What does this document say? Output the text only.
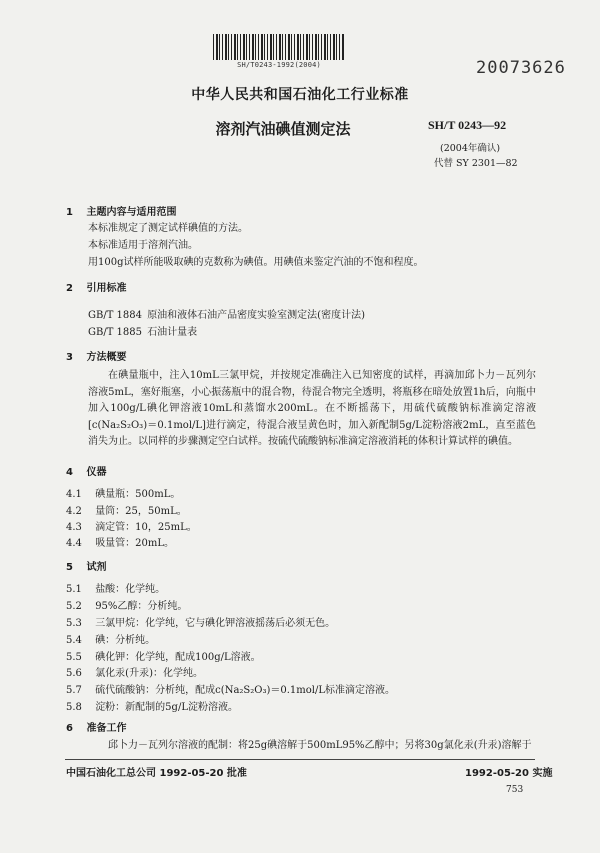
SH/T0243-1992(2004)	20073626
中华人民共和国石油化工行业标准
溶剂汽油碘值测定法	SH/T 0243—92
(2004年确认)
代替 SY 2301—82
1 主题内容与适用范围
本标准规定了测定试样碘值的方法。
本标准适用于溶剂汽油。
用100g试样所能吸取碘的克数称为碘值。用碘值来鉴定汽油的不饱和程度。
2 引用标准
GB/T 1884 原油和液体石油产品密度实验室测定法(密度计法)
GB/T 1885 石油计量表
3 方法概要
在碘量瓶中，注入10mL三氯甲烷，并按规定准确注入已知密度的试样，再滴加邱卜力－瓦列尔溶液5mL，塞好瓶塞，小心振荡瓶中的混合物，待混合物完全透明，将瓶移在暗处放置1h后，向瓶中加入100g/L碘化钾溶液10mL和蒸馏水200mL。在不断摇荡下，用硫代硫酸钠标准滴定溶液[c(Na₂S₂O₃)＝0.1mol/L]进行滴定，待混合液呈黄色时，加入新配制5g/L淀粉溶液2mL，直至蓝色消失为止。以同样的步骤测定空白试样。按硫代硫酸钠标准滴定溶液消耗的体积计算试样的碘值。
4 仪器
4.1 碘量瓶：500mL。
4.2 量筒：25，50mL。
4.3 滴定管：10，25mL。
4.4 吸量管：20mL。
5 试剂
5.1 盐酸：化学纯。
5.2 95%乙醇：分析纯。
5.3 三氯甲烷：化学纯，它与碘化钾溶液摇荡后必须无色。
5.4 碘：分析纯。
5.5 碘化钾：化学纯，配成100g/L溶液。
5.6 氯化汞(升汞)：化学纯。
5.7 硫代硫酸钠：分析纯，配成c(Na₂S₂O₃)＝0.1mol/L标准滴定溶液。
5.8 淀粉：新配制的5g/L淀粉溶液。
6 准备工作
邱卜力－瓦列尔溶液的配制：将25g碘溶解于500mL95%乙醇中；另将30g氯化汞(升汞)溶解于
中国石油化工总公司 1992-05-20 批准	1992-05-20 实施
753
